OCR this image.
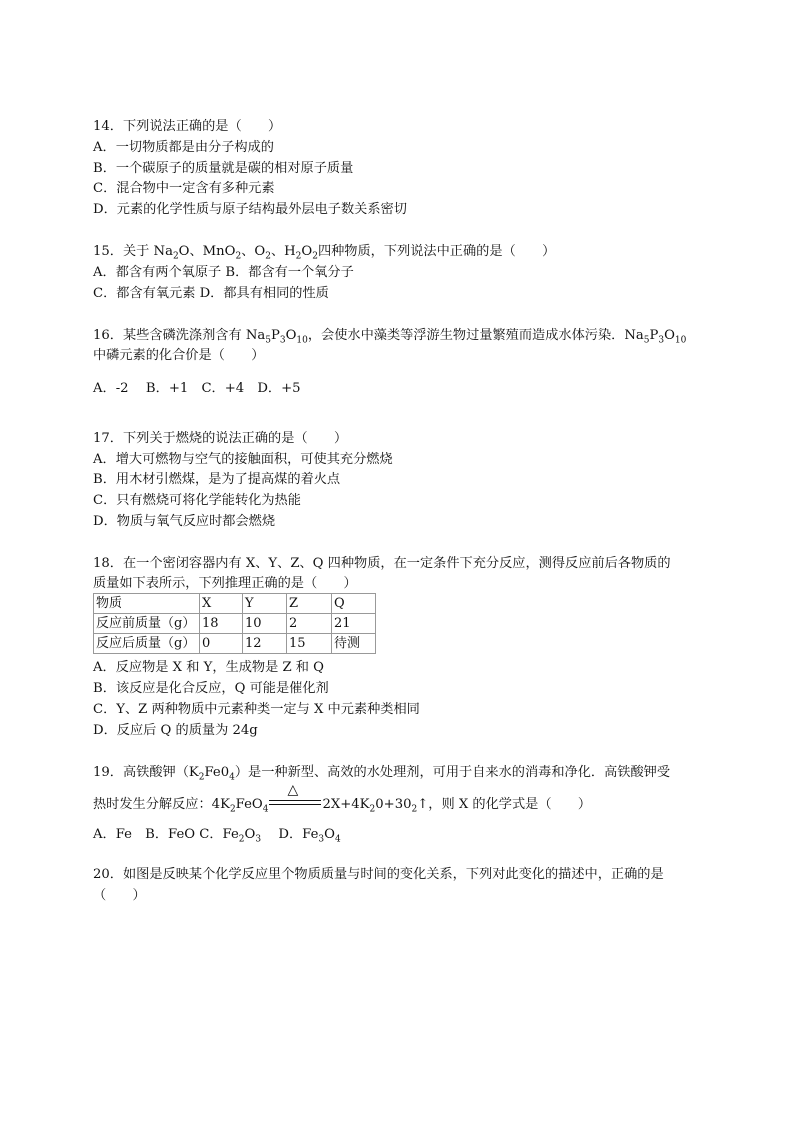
14．下列说法正确的是（　　）
A．一切物质都是由分子构成的
B．一个碳原子的质量就是碳的相对原子质量
C．混合物中一定含有多种元素
D．元素的化学性质与原子结构最外层电子数关系密切
15．关于 $Na_2O$、MnO$_2$、$O_2$、$H_2O_2$四种物质，下列说法中正确的是（　　）
A．都含有两个氧原子 B．都含有一个氧分子
C．都含有氧元素 D．都具有相同的性质
16．某些含磷洗涤剂含有 $Na_5P_3O_{10}$，会使水中藻类等浮游生物过量繁殖而造成水体污染．$Na_5P_3O_{10}$
中磷元素的化合价是（　　）
A．-2　 B．+1　C．+4　D．+5
17．下列关于燃烧的说法正确的是（　　）
A．增大可燃物与空气的接触面积，可使其充分燃烧
B．用木材引燃煤，是为了提高煤的着火点
C．只有燃烧可将化学能转化为热能
D．物质与氧气反应时都会燃烧
18．在一个密闭容器内有 X、Y、Z、Q 四种物质，在一定条件下充分反应，测得反应前后各物质的
质量如下表所示，下列推理正确的是（　　）
物质	X	Y	Z	Q
反应前质量（g）	18	10	2	21
反应后质量（g）	0	12	15	待测
A．反应物是 X 和 Y，生成物是 Z 和 Q
B．该反应是化合反应，Q 可能是催化剂
C．Y、Z 两种物质中元素种类一定与 X 中元素种类相同
D．反应后 Q 的质量为 24g
19．高铁酸钾$(K_2Fe0_4)$是一种新型、高效的水处理剂，可用于自来水的消毒和净化．高铁酸钾受
热时发生分解反应：$4K_2FeO_4$
△
$2X+4K_20+30_2↑$，则 X 的化学式是（　　）
A．Fe　B．FeO C．$Fe_2O_3$　 D．$Fe_3O_4$
20．如图是反映某个化学反应里个物质质量与时间的变化关系，下列对此变化的描述中，正确的是
（　　）
